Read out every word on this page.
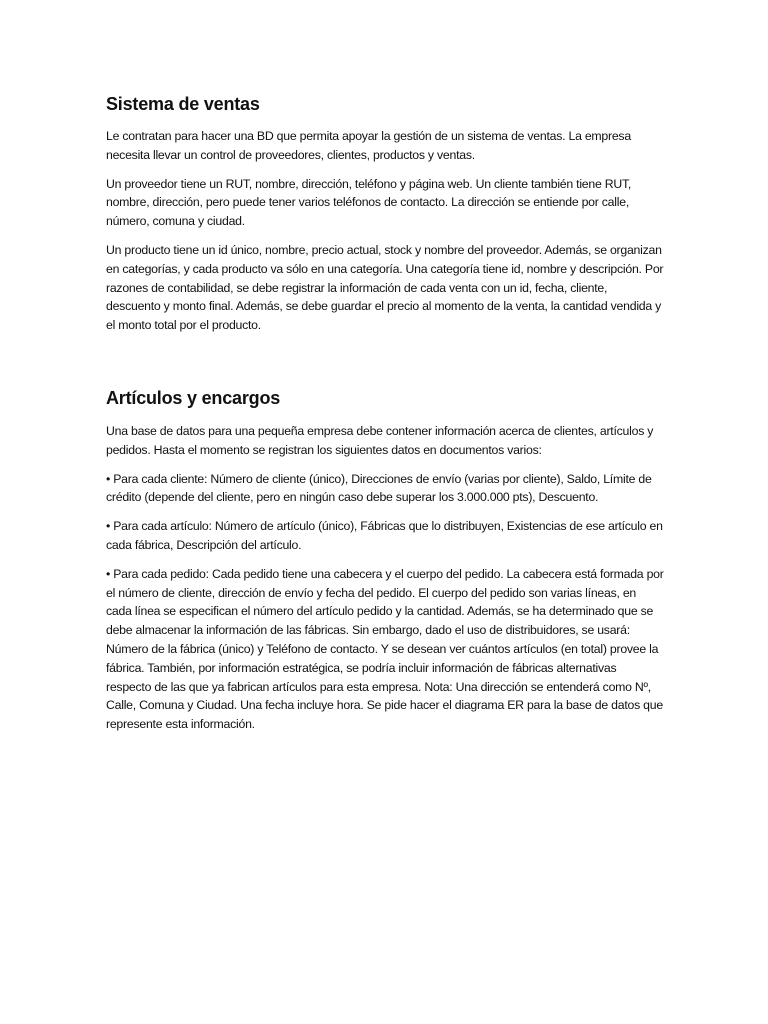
Sistema de ventas

Le contratan para hacer una BD que permita apoyar la gestión de un sistema de ventas. La empresa necesita llevar un control de proveedores, clientes, productos y ventas.

Un proveedor tiene un RUT, nombre, dirección, teléfono y página web. Un cliente también tiene RUT, nombre, dirección, pero puede tener varios teléfonos de contacto. La dirección se entiende por calle, número, comuna y ciudad.

Un producto tiene un id único, nombre, precio actual, stock y nombre del proveedor. Además, se organizan en categorías, y cada producto va sólo en una categoría. Una categoría tiene id, nombre y descripción. Por razones de contabilidad, se debe registrar la información de cada venta con un id, fecha, cliente, descuento y monto final. Además, se debe guardar el precio al momento de la venta, la cantidad vendida y el monto total por el producto.

Artículos y encargos

Una base de datos para una pequeña empresa debe contener información acerca de clientes, artículos y pedidos. Hasta el momento se registran los siguientes datos en documentos varios:

• Para cada cliente: Número de cliente (único), Direcciones de envío (varias por cliente), Saldo, Límite de crédito (depende del cliente, pero en ningún caso debe superar los 3.000.000 pts), Descuento.

• Para cada artículo: Número de artículo (único), Fábricas que lo distribuyen, Existencias de ese artículo en cada fábrica, Descripción del artículo.

• Para cada pedido: Cada pedido tiene una cabecera y el cuerpo del pedido. La cabecera está formada por el número de cliente, dirección de envío y fecha del pedido. El cuerpo del pedido son varias líneas, en cada línea se especifican el número del artículo pedido y la cantidad. Además, se ha determinado que se debe almacenar la información de las fábricas. Sin embargo, dado el uso de distribuidores, se usará: Número de la fábrica (único) y Teléfono de contacto. Y se desean ver cuántos artículos (en total) provee la fábrica. También, por información estratégica, se podría incluir información de fábricas alternativas respecto de las que ya fabrican artículos para esta empresa. Nota: Una dirección se entenderá como Nº, Calle, Comuna y Ciudad. Una fecha incluye hora. Se pide hacer el diagrama ER para la base de datos que represente esta información.
